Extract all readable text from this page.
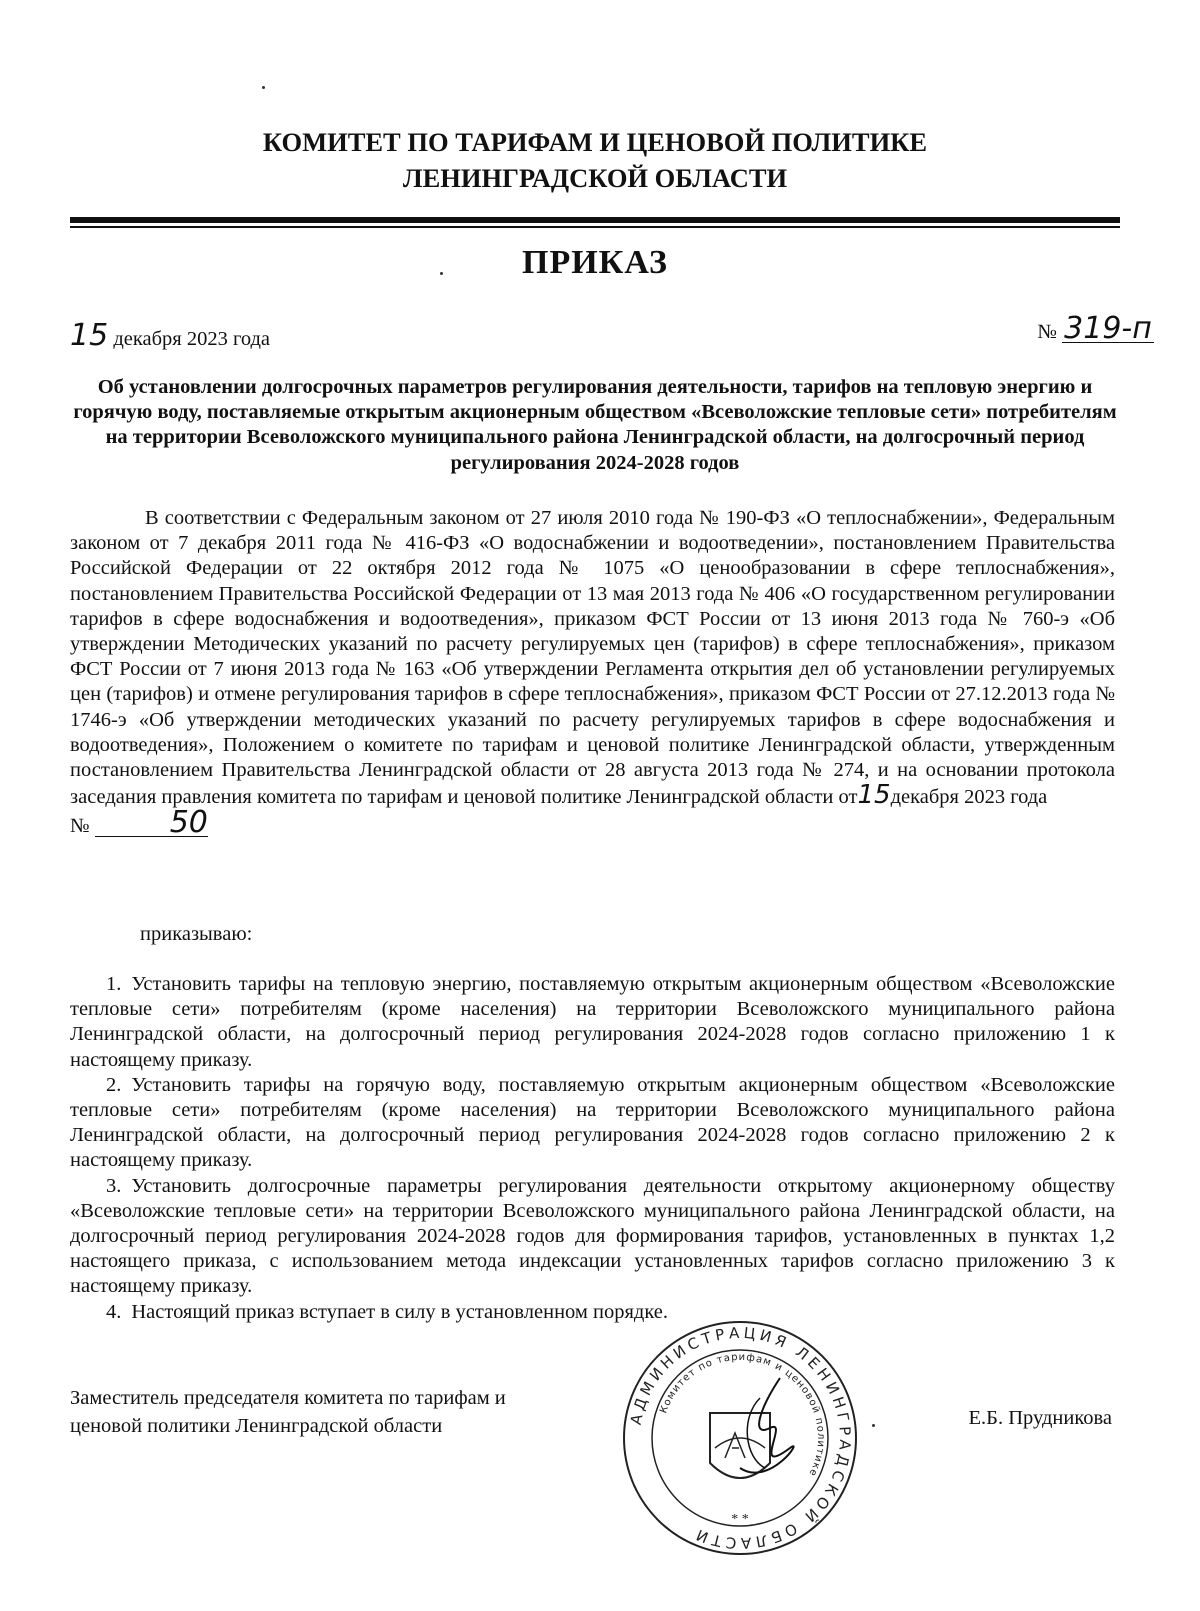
КОМИТЕТ ПО ТАРИФАМ И ЦЕНОВОЙ ПОЛИТИКЕ
ЛЕНИНГРАДСКОЙ ОБЛАСТИ
ПРИКАЗ
15 декабря 2023 года	№ 319-п
Об установлении долгосрочных параметров регулирования деятельности, тарифов на тепловую энергию и горячую воду, поставляемые открытым акционерным обществом «Всеволожские тепловые сети» потребителям на территории Всеволожского муниципального района Ленинградской области, на долгосрочный период регулирования 2024-2028 годов
В соответствии с Федеральным законом от 27 июля 2010 года № 190-ФЗ «О теплоснабжении», Федеральным законом от 7 декабря 2011 года № 416-ФЗ «О водоснабжении и водоотведении», постановлением Правительства Российской Федерации от 22 октября 2012 года № 1075 «О ценообразовании в сфере теплоснабжения», постановлением Правительства Российской Федерации от 13 мая 2013 года № 406 «О государственном регулировании тарифов в сфере водоснабжения и водоотведения», приказом ФСТ России от 13 июня 2013 года № 760-э «Об утверждении Методических указаний по расчету регулируемых цен (тарифов) в сфере теплоснабжения», приказом ФСТ России от 7 июня 2013 года № 163 «Об утверждении Регламента открытия дел об установлении регулируемых цен (тарифов) и отмене регулирования тарифов в сфере теплоснабжения», приказом ФСТ России от 27.12.2013 года № 1746-э «Об утверждении методических указаний по расчету регулируемых тарифов в сфере водоснабжения и водоотведения», Положением о комитете по тарифам и ценовой политике Ленинградской области, утвержденным постановлением Правительства Ленинградской области от 28 августа 2013 года № 274, и на основании протокола заседания правления комитета по тарифам и ценовой политике Ленинградской области от15декабря 2023 года
№	50
приказываю:

1. Установить тарифы на тепловую энергию, поставляемую открытым акционерным обществом «Всеволожские тепловые сети» потребителям (кроме населения) на территории Всеволожского муниципального района Ленинградской области, на долгосрочный период регулирования 2024-2028 годов согласно приложению 1 к настоящему приказу.

2. Установить тарифы на горячую воду, поставляемую открытым акционерным обществом «Всеволожские тепловые сети» потребителям (кроме населения) на территории Всеволожского муниципального района Ленинградской области, на долгосрочный период регулирования 2024-2028 годов согласно приложению 2 к настоящему приказу.

3. Установить долгосрочные параметры регулирования деятельности открытому акционерному обществу «Всеволожские тепловые сети» на территории Всеволожского муниципального района Ленинградской области, на долгосрочный период регулирования 2024-2028 годов для формирования тарифов, установленных в пунктах 1,2 настоящего приказа, с использованием метода индексации установленных тарифов согласно приложению 3 к настоящему приказу.

4. Настоящий приказ вступает в силу в установленном порядке.

Заместитель председателя комитета по тарифам и
ценовой политики Ленинградской области	АДМИНИСТРАЦИЯ ЛЕНИНГРАДСКОЙ ОБЛАСТИ
Комитет по тарифам и ценовой политике
* *
Е.Б. Прудникова
